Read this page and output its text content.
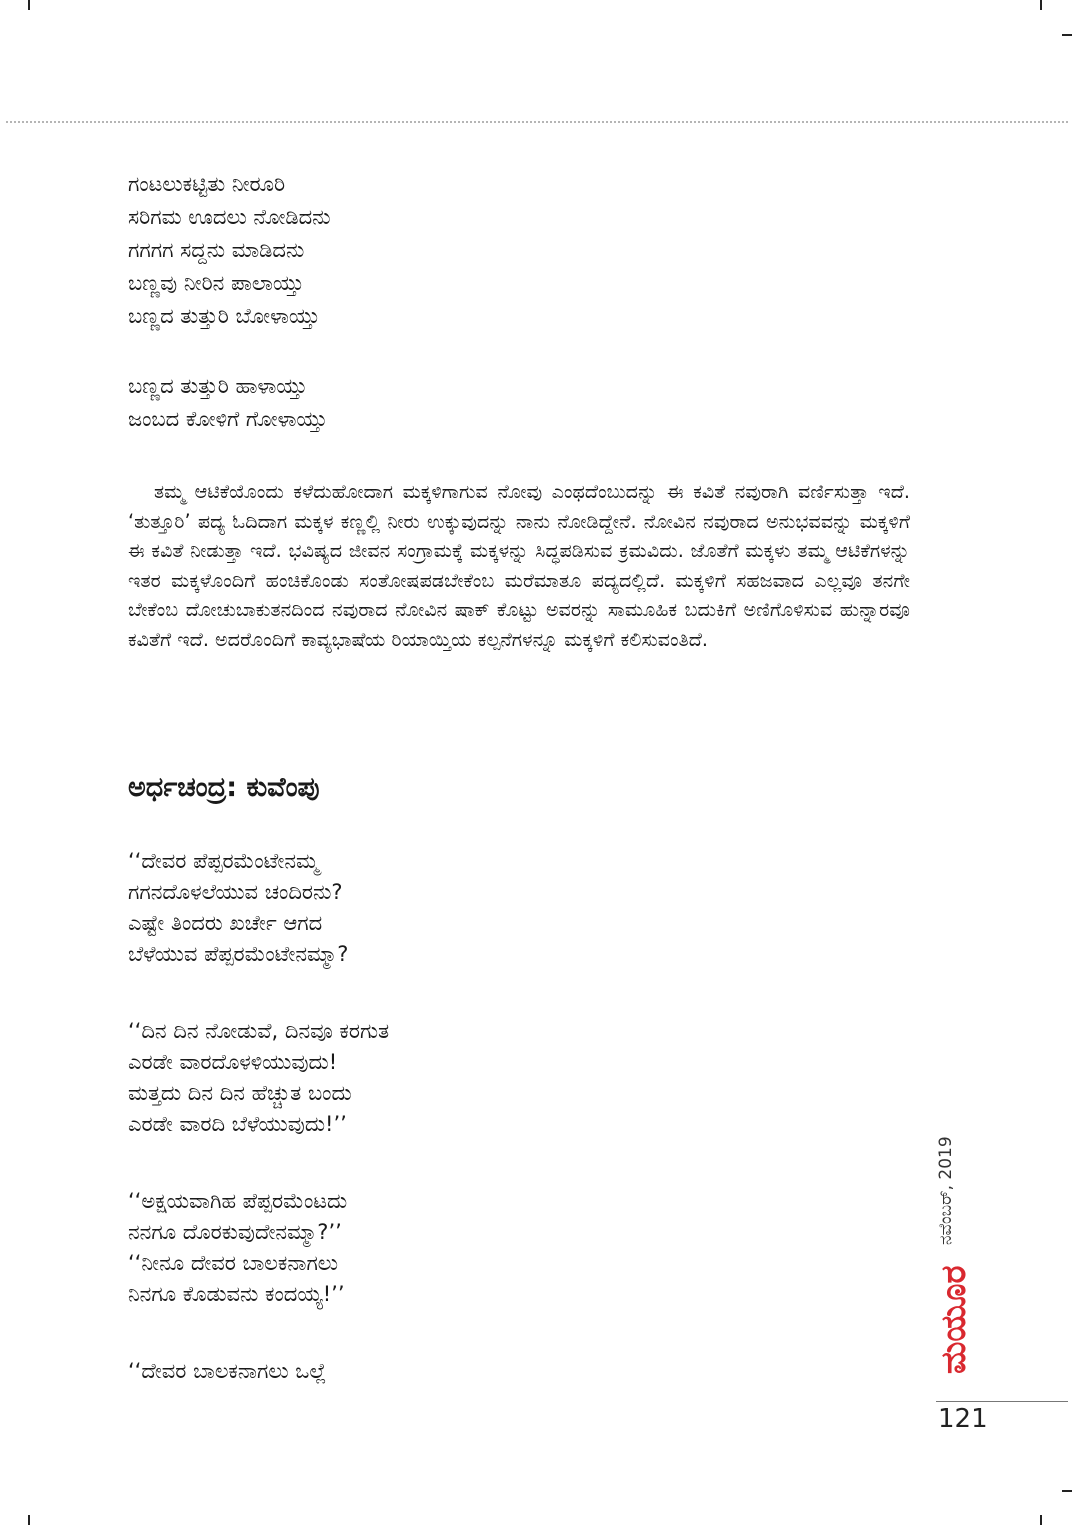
ಗಂಟಲುಕಟ್ಟಿತು ನೀರೂರಿ
ಸರಿಗಮ ಊದಲು ನೋಡಿದನು
ಗಗಗಗ ಸದ್ದನು ಮಾಡಿದನು
ಬಣ್ಣವು ನೀರಿನ ಪಾಲಾಯ್ತು
ಬಣ್ಣದ ತುತ್ತುರಿ ಬೋಳಾಯ್ತು
ಬಣ್ಣದ ತುತ್ತುರಿ ಹಾಳಾಯ್ತು
ಜಂಬದ ಕೋಳಿಗೆ ಗೋಳಾಯ್ತು

ತಮ್ಮ ಆಟಿಕೆಯೊಂದು ಕಳೆದುಹೋದಾಗ ಮಕ್ಕಳಿಗಾಗುವ ನೋವು ಎಂಥದೆಂಬುದನ್ನು ಈ ಕವಿತೆ ನವುರಾಗಿ ವರ್ಣಿಸುತ್ತಾ ಇದೆ. ‘ತುತ್ತೂರಿ’ ಪದ್ಯ ಓದಿದಾಗ ಮಕ್ಕಳ ಕಣ್ಣಲ್ಲಿ ನೀರು ಉಕ್ಕುವುದನ್ನು ನಾನು ನೋಡಿದ್ದೇನೆ. ನೋವಿನ ನವುರಾದ ಅನುಭವವನ್ನು ಮಕ್ಕಳಿಗೆ ಈ ಕವಿತೆ ನೀಡುತ್ತಾ ಇದೆ. ಭವಿಷ್ಯದ ಜೀವನ ಸಂಗ್ರಾಮಕ್ಕೆ ಮಕ್ಕಳನ್ನು ಸಿದ್ಧಪಡಿಸುವ ಕ್ರಮವಿದು. ಜೊತೆಗೆ ಮಕ್ಕಳು ತಮ್ಮ ಆಟಿಕೆಗಳನ್ನು ಇತರ ಮಕ್ಕಳೊಂದಿಗೆ ಹಂಚಿಕೊಂಡು ಸಂತೋಷಪಡಬೇಕೆಂಬ ಮರೆಮಾತೂ ಪದ್ಯದಲ್ಲಿದೆ. ಮಕ್ಕಳಿಗೆ ಸಹಜವಾದ ಎಲ್ಲವೂ ತನಗೇ ಬೇಕೆಂಬ ದೋಚುಬಾಕುತನದಿಂದ ನವುರಾದ ನೋವಿನ ಷಾಕ್ ಕೊಟ್ಟು ಅವರನ್ನು ಸಾಮೂಹಿಕ ಬದುಕಿಗೆ ಅಣಿಗೊಳಿಸುವ ಹುನ್ನಾರವೂ ಕವಿತೆಗೆ ಇದೆ. ಅದರೊಂದಿಗೆ ಕಾವ್ಯಭಾಷೆಯ ರಿಯಾಯ್ತಿಯ ಕಲ್ಪನೆಗಳನ್ನೂ ಮಕ್ಕಳಿಗೆ ಕಲಿಸುವಂತಿದೆ.

ಅರ್ಧಚಂದ್ರ: ಕುವೆಂಪು
‘‘ದೇವರ ಪೆಪ್ಪರಮೆಂಟೇನಮ್ಮ
ಗಗನದೊಳಲೆಯುವ ಚಂದಿರನು?
ಎಷ್ಟೇ ತಿಂದರು ಖರ್ಚೇ ಆಗದ
ಬೆಳೆಯುವ ಪೆಪ್ಪರಮೆಂಟೇನಮ್ಮಾ?
‘‘ದಿನ ದಿನ ನೋಡುವೆ, ದಿನವೂ ಕರಗುತ
ಎರಡೇ ವಾರದೊಳಳಿಯುವುದು!
ಮತ್ತದು ದಿನ ದಿನ ಹೆಚ್ಚುತ ಬಂದು
ಎರಡೇ ವಾರದಿ ಬೆಳೆಯುವುದು!’’
‘‘ಅಕ್ಷಯವಾಗಿಹ ಪೆಪ್ಪರಮೆಂಟದು
ನನಗೂ ದೊರಕುವುದೇನಮ್ಮಾ?’’
‘‘ನೀನೂ ದೇವರ ಬಾಲಕನಾಗಲು
ನಿನಗೂ ಕೊಡುವನು ಕಂದಯ್ಯ!’’
‘‘ದೇವರ ಬಾಲಕನಾಗಲು ಒಲ್ಲೆ
ನವೆಂಬರ್, 2019
ಮಯೂರ
121
